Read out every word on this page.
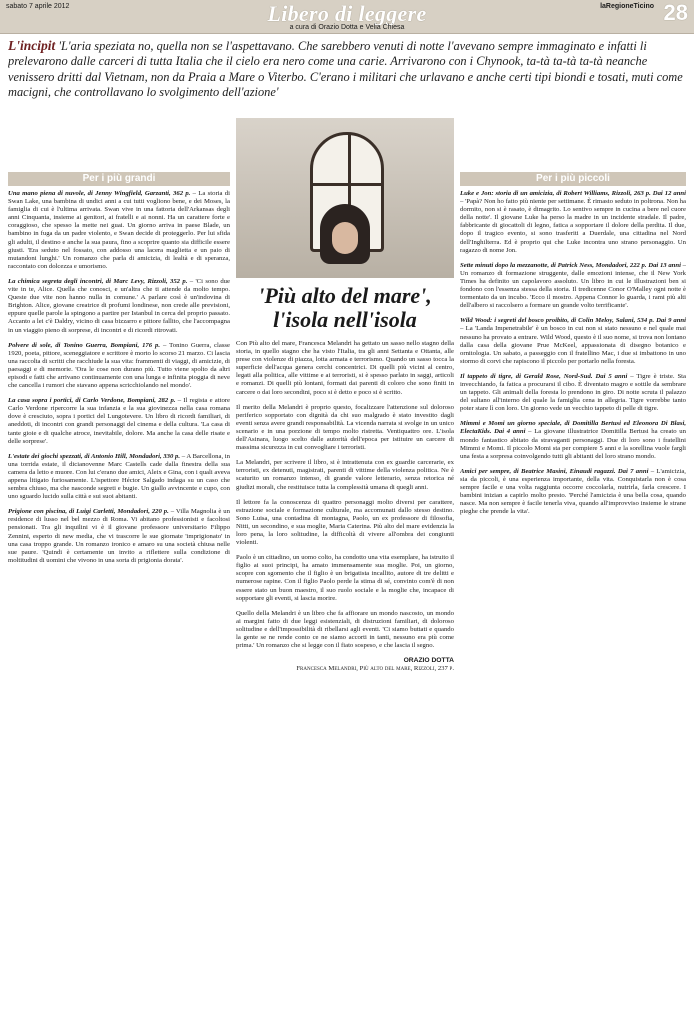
sabato 7 aprile 2012	Libero di leggere
a cura di Orazio Dotta e Velia Chiesa
laRegioneTicino 28
L'incipit 'L'aria speziata no, quella non se l'aspettavano. Che sarebbero venuti di notte l'avevano sempre immaginato e infatti li prelevarono dalle carceri di tutta Italia che il cielo era nero come una carie. Arrivarono con i Chynook, ta-tà ta-tà ta-tà neanche venissero dritti dal Vietnam, non da Praia a Mare o Viterbo. C'erano i militari che urlavano e anche certi tipi biondi e tosati, muti come macigni, che controllavano lo svolgimento dell'azione'
Per i più grandi	Per i più piccoli
'Più alto del mare',
l'isola nell'isola

Una mano piena di nuvole, di Jenny Wingfield, Garzanti, 362 p. – La storia di Swan Lake, una bambina di undici anni a cui tutti vogliono bene, e dei Moses, la famiglia di cui è l'ultima arrivata. Swan vive in una fattoria dell'Arkansas degli anni Cinquanta, insieme ai genitori, ai fratelli e ai nonni. Ha un carattere forte e coraggioso, che spesso la mette nei guai. Un giorno arriva in paese Blade, un bambino in fuga da un padre violento, e Swan decide di proteggerlo. Per lui sfida gli adulti, il destino e anche la sua paura, fino a scoprire quanto sia difficile essere giusti. 'Era seduto nel fossato, con addosso una lacera maglietta e un paio di mutandoni lunghi.' Un romanzo che parla di amicizia, di lealtà e di speranza, raccontato con dolcezza e umorismo.

La chimica segreta degli incontri, di Marc Levy, Rizzoli, 352 p. – 'Ci sono due vite in te, Alice. Quella che conosci, e un'altra che ti attende da molto tempo. Queste due vite non hanno nulla in comune.' A parlare così è un'indovina di Brighton. Alice, giovane creatrice di profumi londinese, non crede alle previsioni, eppure quelle parole la spingono a partire per Istanbul in cerca del proprio passato. Accanto a lei c'è Daldry, vicino di casa bizzarro e pittore fallito, che l'accompagna in un viaggio pieno di sorprese, di incontri e di ricordi ritrovati.

Polvere di sole, di Tonino Guerra, Bompiani, 176 p. – Tonino Guerra, classe 1920, poeta, pittore, sceneggiatore e scrittore è morto lo scorso 21 marzo. Ci lascia una raccolta di scritti che racchiude la sua vita: frammenti di viaggi, di amicizie, di paesaggi e di memorie. 'Ora le cose non durano più. Tutto viene spolto da altri episodi e fatti che arrivano continuamente con una lunga e infinita pioggia di neve che cancella i rumori che stavano appena scricchiolando nel mondo'.

La casa sopra i portici, di Carlo Verdone, Bompiani, 282 p. – Il regista e attore Carlo Verdone ripercorre la sua infanzia e la sua giovinezza nella casa romana dove è cresciuto, sopra i portici del Lungotevere. Un libro di ricordi familiari, di aneddoti, di incontri con grandi personaggi del cinema e della cultura. 'La casa di tante gioie e di qualche atroce, inevitabile, dolore. Ma anche la casa delle risate e delle sorprese'.

L'estate dei giochi spezzati, di Antonio Hill, Mondadori, 330 p. – A Barcellona, in una torrida estate, il dicianovenne Marc Castells cade dalla finestra della sua camera da letto e muore. Con lui c'erano due amici, Aleix e Gina, con i quali aveva appena litigato furiosamente. L'ispettore Héctor Salgado indaga su un caso che sembra chiuso, ma che nasconde segreti e bugie. Un giallo avvincente e cupo, con uno sguardo lucido sulla città e sui suoi abitanti.

Prigione con piscina, di Luigi Carletti, Mondadori, 220 p. – Villa Magnolia è un residence di lusso nel bel mezzo di Roma. Vi abitano professionisti e facoltosi pensionati. Tra gli inquilini vi è il giovane professore universitario Filippo Zennini, esperto di new media, che vi trascorre le sue giornate 'imprigionato' in una casa troppo grande. Un romanzo ironico e amaro su una società chiusa nelle sue paure. 'Quindi è certamente un invito a riflettere sulla condizione di moltitudini di uomini che vivono in una sorta di prigionia dorata'.

Con Più alto del mare, Francesca Melandri ha gettato un sasso nello stagno della storia, in quello stagno che ha visto l'Italia, tra gli anni Settanta e Ottanta, alle prese con violenze di piazza, lotta armata e terrorismo. Quando un sasso tocca la superficie dell'acqua genera cerchi concentrici. Di quelli più vicini al centro, legati alla politica, alle vittime e ai terroristi, si è spesso parlato in saggi, articoli e romanzi. Di quelli più lontani, formati dai parenti di coloro che sono finiti in carcere o dai loro secondini, poco si è detto e poco si è scritto.

Il merito della Melandri è proprio questo, focalizzare l'attenzione sul doloroso periferico sopportato con dignità da chi suo malgrado è stato investito dagli eventi senza avere grandi responsabilità. La vicenda narrata si svolge in un unico scenario e in una porzione di tempo molto ristretta. Ventiquattro ore. L'isola dell'Asinara, luogo scelto dalle autorità dell'epoca per istituire un carcere di massima sicurezza in cui convogliare i terroristi.

La Melandri, per scrivere il libro, si è intrattenuta con ex guardie carcerarie, ex terroristi, ex detenuti, magistrati, parenti di vittime della violenza politica. Ne è scaturito un romanzo intenso, di grande valore letterario, senza retorica né giudizi morali, che restituisce tutta la complessità umana di quegli anni.

Il lettore fa la conoscenza di quattro personaggi molto diversi per carattere, estrazione sociale e formazione culturale, ma accomunati dallo stesso destino. Sono Luisa, una contadina di montagna, Paolo, un ex professore di filosofia, Nitti, un secondino, e sua moglie, Maria Caterina. Più alto del mare evidenzia la loro pena, la loro solitudine, la difficoltà di vivere all'ombra dei congiunti violenti.

Paolo è un cittadino, un uomo colto, ha condotto una vita esemplare, ha istruito il figlio ai suoi principi, ha amato immensamente sua moglie. Poi, un giorno, scopre con sgomento che il figlio è un brigatista incallito, autore di tre delitti e numerose rapine. Con il figlio Paolo perde la stima di sé, convinto com'è di non essere stato un buon maestro, il suo ruolo sociale e la moglie che, incapace di sopportare gli eventi, si lascia morire.

Quello della Melandri è un libro che fa affiorare un mondo nascosto, un mondo ai margini fatto di due leggi esistenziali, di distruzioni familiari, di doloroso solitudine e dell'impossibilità di ribellarsi agli eventi. 'Ci siamo buttati e quando la gente se ne rende conto ce ne siamo accorti in tanti, nessuno era più come prima.' Un romanzo che si legge con il fiato sospeso, e che lascia il segno.

ORAZIO DOTTA
Francesca Melandri, Più alto del mare, Rizzoli, 237 p.

Luke e Jon: storia di un amicizia, di Robert Williams, Rizzoli, 263 p. Dai 12 anni – 'Papà? Non ho fatto più niente per settimane. È rimasto seduto in poltrona. Non ha dormito, non si è rasato, è dimagrito. Lo sentivo sempre in cucina a bere nel cuore della notte'. Il giovane Luke ha perso la madre in un incidente stradale. Il padre, fabbricante di giocattoli di legno, fatica a sopportare il dolore della perdita. Il due, dopo il tragico evento, si sono trasferiti a Duerdale, una cittadina nel Nord dell'Inghilterra. Ed è proprio qui che Luke incontra uno strano personaggio. Un ragazzo di nome Jon.

Sette minuti dopo la mezzanotte, di Patrick Ness, Mondadori, 222 p. Dai 13 anni – Un romanzo di formazione struggente, dalle emozioni intense, che il New York Times ha definito un capolavoro assoluto. Un libro in cui le illustrazioni ben si fondono con l'essenza stessa della storia. Il tredicenne Conor O'Malley ogni notte è tormentato da un incubo. 'Ecco il mostro. Appena Connor lo guarda, i rami più alti dell'albero si raccolsero a formare un grande volto terrificante'.

Wild Wood: i segreti del bosco proibito, di Colin Meloy, Salani, 534 p. Dai 9 anni – La 'Landa Impenetrabile' è un bosco in cui non si stato nessuno e nel quale mai nessuno ha provato a entrare. Wild Wood, questo è il suo nome, si trova non lontano dalla casa della giovane Prue McKeel, appassionata di disegno botanico e ornitologia. Un sabato, a passeggio con il fratellino Mac, i due si imbattono in uno stormo di corvi che rapiscono il piccolo per portarlo nella foresta.

Il tappeto di tigre, di Gerald Rose, Nord-Sud. Dai 5 anni – Tigre è triste. Sta invecchiando, fa fatica a procurarsi il cibo. È diventato magro e sottile da sembrare un tappeto. Gli animali della foresta lo prendono in giro. Di notte scruta il palazzo del sultano all'interno del quale la famiglia cena in allegria. Tigre vorrebbe tanto poter stare lì con loro. Un giorno vede un vecchio tappeto di pelle di tigre.

Mimmi e Momi un giorno speciale, di Domitilla Bertusi ed Eleonora Di Blasi, ElectaKids. Dai 4 anni – La giovane illustratrice Domitilla Bertusi ha creato un mondo fantastico abitato da stravaganti personaggi. Due di loro sono i fratellini Mimmi e Momi. Il piccolo Momi sta per compiere 5 anni e la sorellina vuole fargli una festa a sorpresa coinvolgendo tutti gli abitanti del loro strano mondo.

Amici per sempre, di Beatrice Masini, Einaudi ragazzi. Dai 7 anni – L'amicizia, sia da piccoli, è una esperienza importante, della vita. Conquistarla non è cosa sempre facile e una volta raggiunta occorre coccolarla, nutrirla, farla crescere. I bambini inizian a capirlo molto presto. 'Perché l'amicizia è una bella cosa, quando nasce. Ma non sempre è facile tenerla viva, quando all'improvviso insieme le strane pieghe che prende la vita'.
